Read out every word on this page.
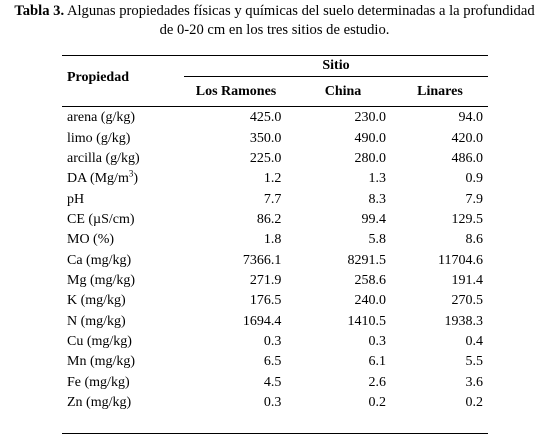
Tabla 3. Algunas propiedades físicas y químicas del suelo determinadas a la profundidad
de 0-20 cm en los tres sitios de estudio.
Propiedad
Sitio
Los Ramones	China	Linares
arena (g/kg)	425.0	230.0	94.0
limo (g/kg)	350.0	490.0	420.0
arcilla (g/kg)	225.0	280.0	486.0
DA $(Mg/m^3)$	1.2	1.3	0.9
pH	7.7	8.3	7.9
CE (µS/cm)	86.2	99.4	129.5
MO (%)	1.8	5.8	8.6
Ca (mg/kg)	7366.1	8291.5	11704.6
Mg (mg/kg)	271.9	258.6	191.4
K (mg/kg)	176.5	240.0	270.5
N (mg/kg)	1694.4	1410.5	1938.3
Cu (mg/kg)	0.3	0.3	0.4
Mn (mg/kg)	6.5	6.1	5.5
Fe (mg/kg)	4.5	2.6	3.6
Zn (mg/kg)	0.3	0.2	0.2
